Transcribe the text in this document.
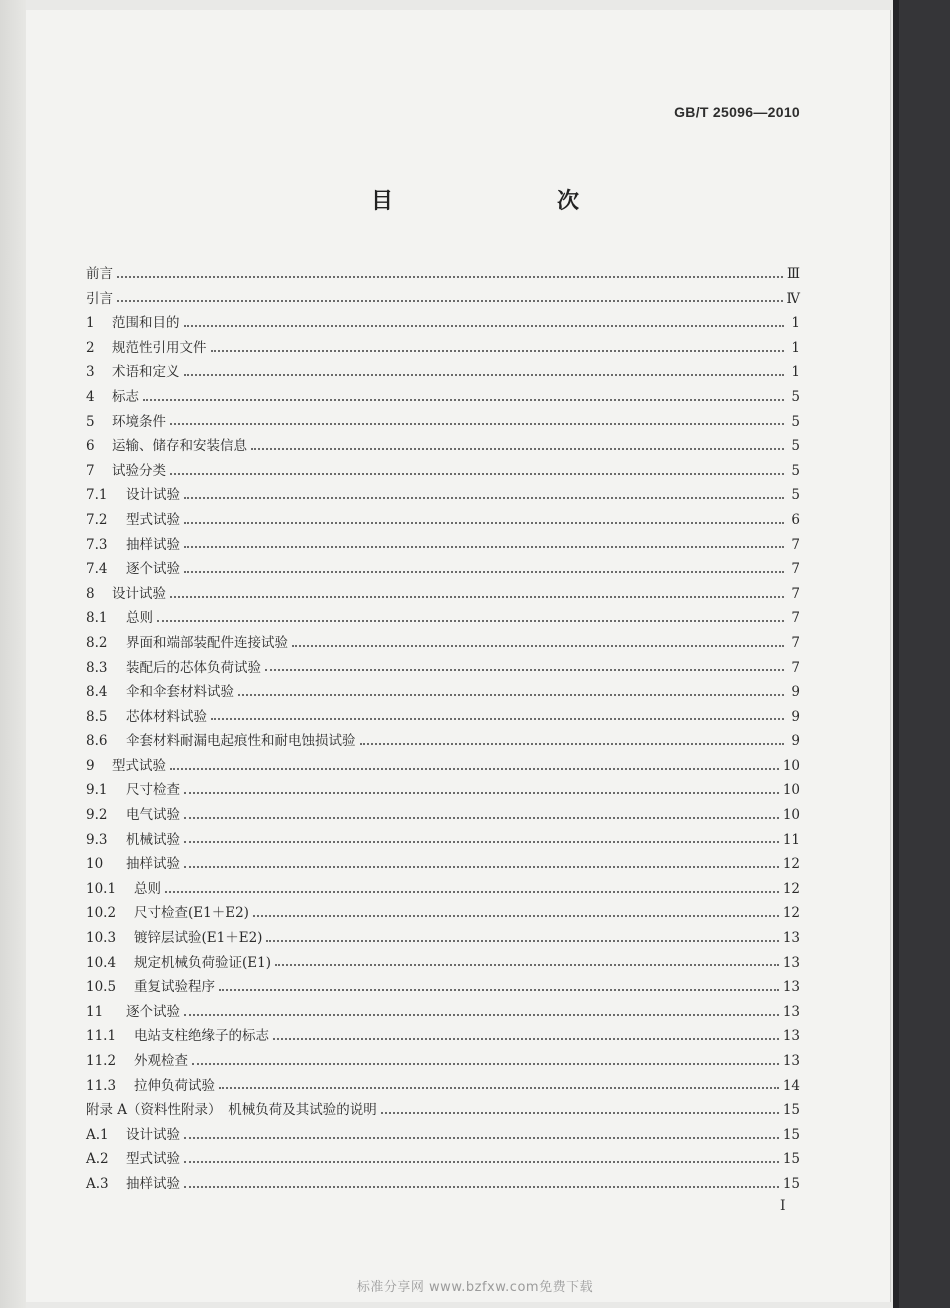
GB/T 25096—2010
目　　次
前言	Ⅲ
引言	Ⅳ
1 范围和目的	1
2 规范性引用文件	1
3 术语和定义	1
4 标志	5
5 环境条件	5
6 运输、储存和安装信息	5
7 试验分类	5
7.1 设计试验	5
7.2 型式试验	6
7.3 抽样试验	7
7.4 逐个试验	7
8 设计试验	7
8.1 总则	7
8.2 界面和端部装配件连接试验	7
8.3 装配后的芯体负荷试验	7
8.4 伞和伞套材料试验	9
8.5 芯体材料试验	9
8.6 伞套材料耐漏电起痕性和耐电蚀损试验	9
9 型式试验	10
9.1 尺寸检查	10
9.2 电气试验	10
9.3 机械试验	11
10 抽样试验	12
10.1 总则	12
10.2 尺寸检查(E1＋E2)	12
10.3 镀锌层试验(E1＋E2)	13
10.4 规定机械负荷验证(E1)	13
10.5 重复试验程序	13
11 逐个试验	13
11.1 电站支柱绝缘子的标志	13
11.2 外观检查	13
11.3 拉伸负荷试验	14
附录 A（资料性附录）　机械负荷及其试验的说明	15
A.1 设计试验	15
A.2 型式试验	15
A.3 抽样试验	15
Ⅰ
标准分享网 www.bzfxw.com免费下载
